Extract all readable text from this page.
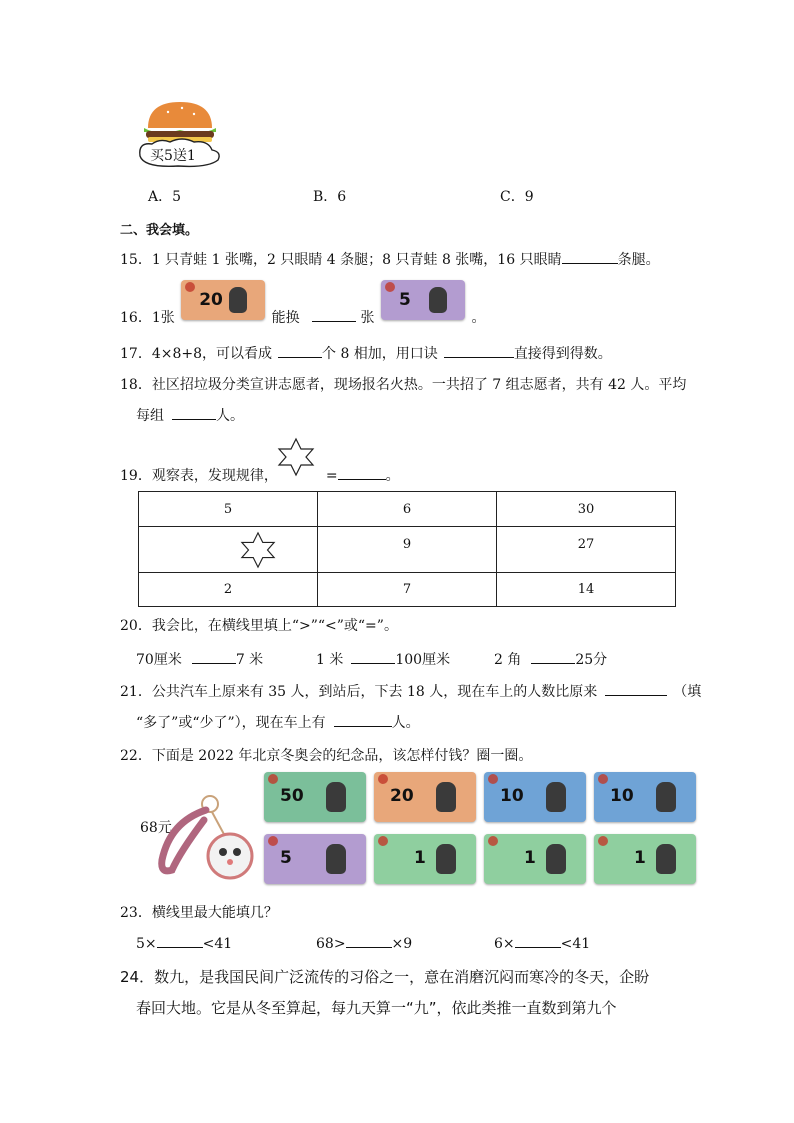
买5送1
A．5	B．6	C．9
二、我会填。
15．1 只青蛙 1 张嘴，2 只眼睛 4 条腿；8 只青蛙 8 张嘴，16 只眼睛	条腿。
16．1张
20
能换	张
5
。
17．4×8+8，可以看成	个 8 相加，用口诀	直接得到得数。
18．社区招垃圾分类宣讲志愿者，现场报名火热。一共招了 7 组志愿者，共有 42 人。平均
每组	人。
19．观察表，发现规律，	=	。
5	6	30
	9	27
2	7	14
20．我会比，在横线里填上“>”“<”或“=”。
70厘米	7 米	1 米	100厘米	2 角	25分
21．公共汽车上原来有 35 人，到站后，下去 18 人，现在车上的人数比原来	（填
“多了”或“少了”），现在车上有	人。
22．下面是 2022 年北京冬奥会的纪念品，该怎样付钱？圈一圈。
68元
50	20	10	10
5	1	1	1
23．横线里最大能填几？
5×	<41	68>	×9	6×	<41
24．数九，是我国民间广泛流传的习俗之一，意在消磨沉闷而寒冷的冬天，企盼
春回大地。它是从冬至算起，每九天算一“九”，依此类推一直数到第九个
